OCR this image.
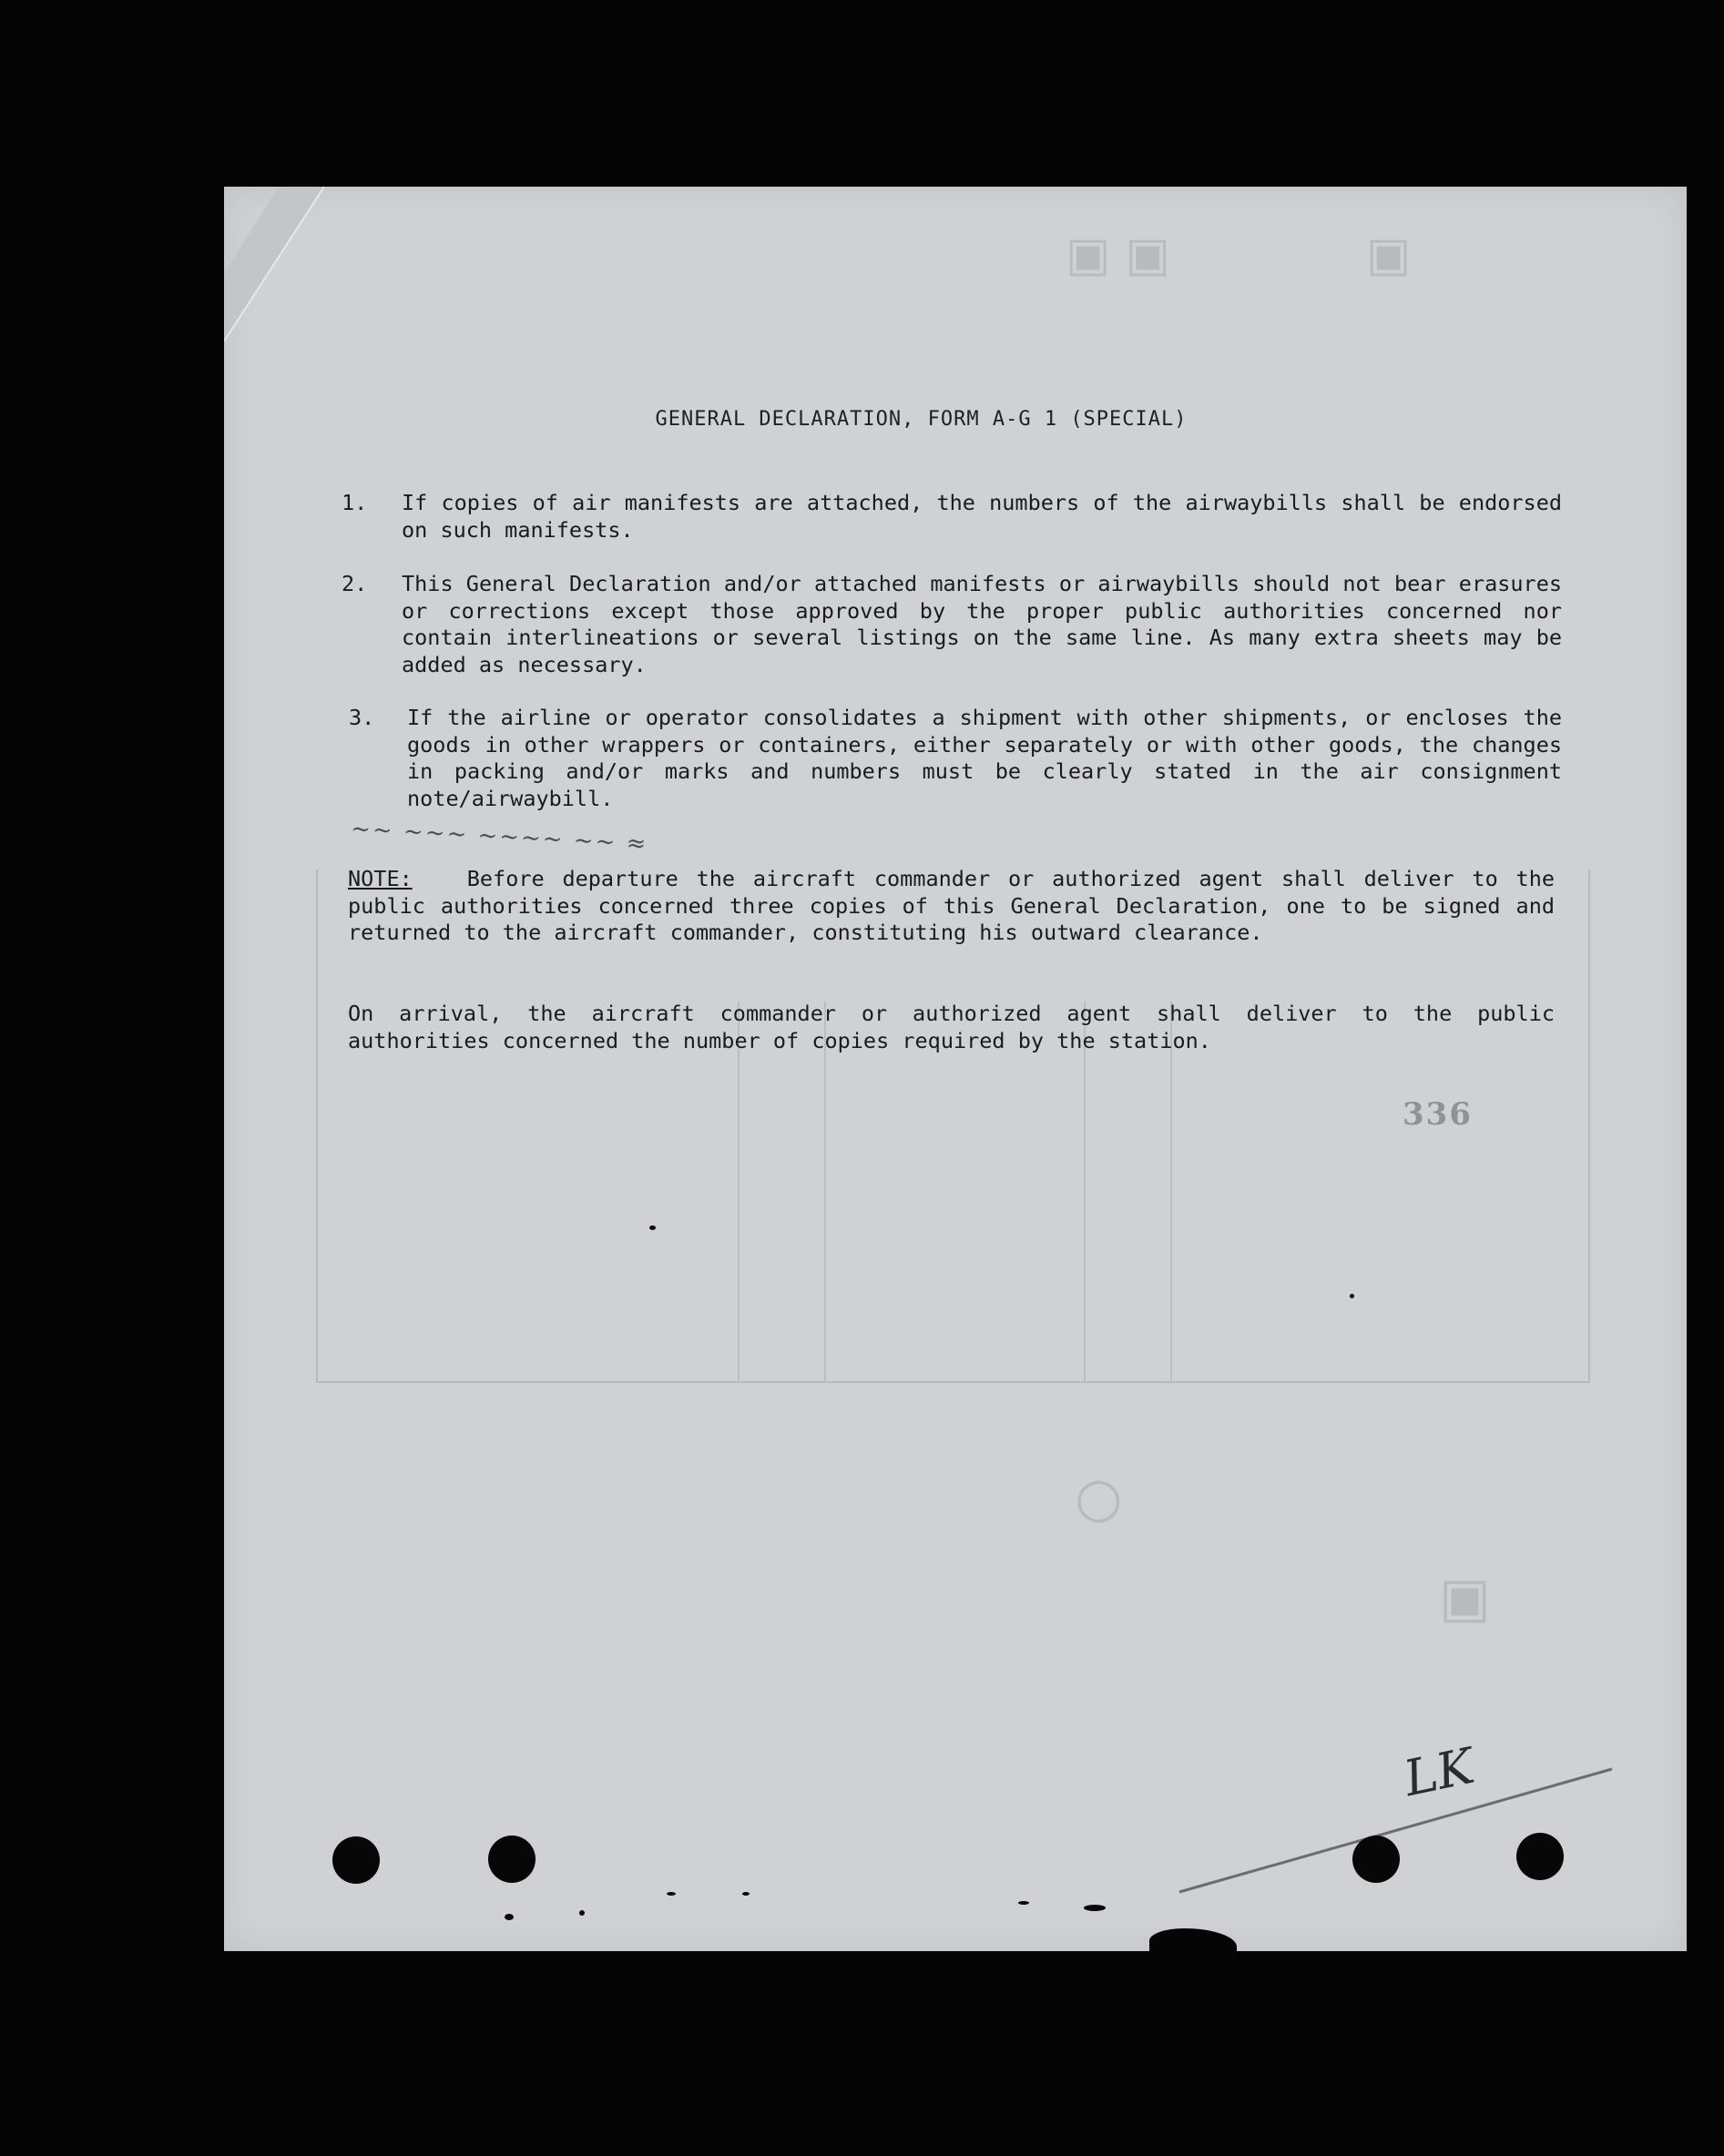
▣ ▣	▣
○
▣
GENERAL DECLARATION, FORM A-G 1 (SPECIAL)
1. If copies of air manifests are attached, the numbers of the airwaybills shall be endorsed on such manifests.
2. This General Declaration and/or attached manifests or airwaybills should not bear erasures or corrections except those approved by the proper public authorities concerned nor contain interlineations or several listings on the same line. As many extra sheets may be added as necessary.
3. If the airline or operator consolidates a shipment with other shipments, or encloses the goods in other wrappers or containers, either separately or with other goods, the changes in packing and/or marks and numbers must be clearly stated in the air consignment note/airwaybill.
~~ ~~~ ~~~~ ~~ ≈
NOTE:	Before departure the aircraft commander or authorized agent shall deliver to the public authorities concerned three copies of this General Declaration, one to be signed and returned to the aircraft commander, constituting his outward clearance.
On arrival, the aircraft commander or authorized agent shall deliver to the public authorities concerned the number of copies required by the station.
336
LK
